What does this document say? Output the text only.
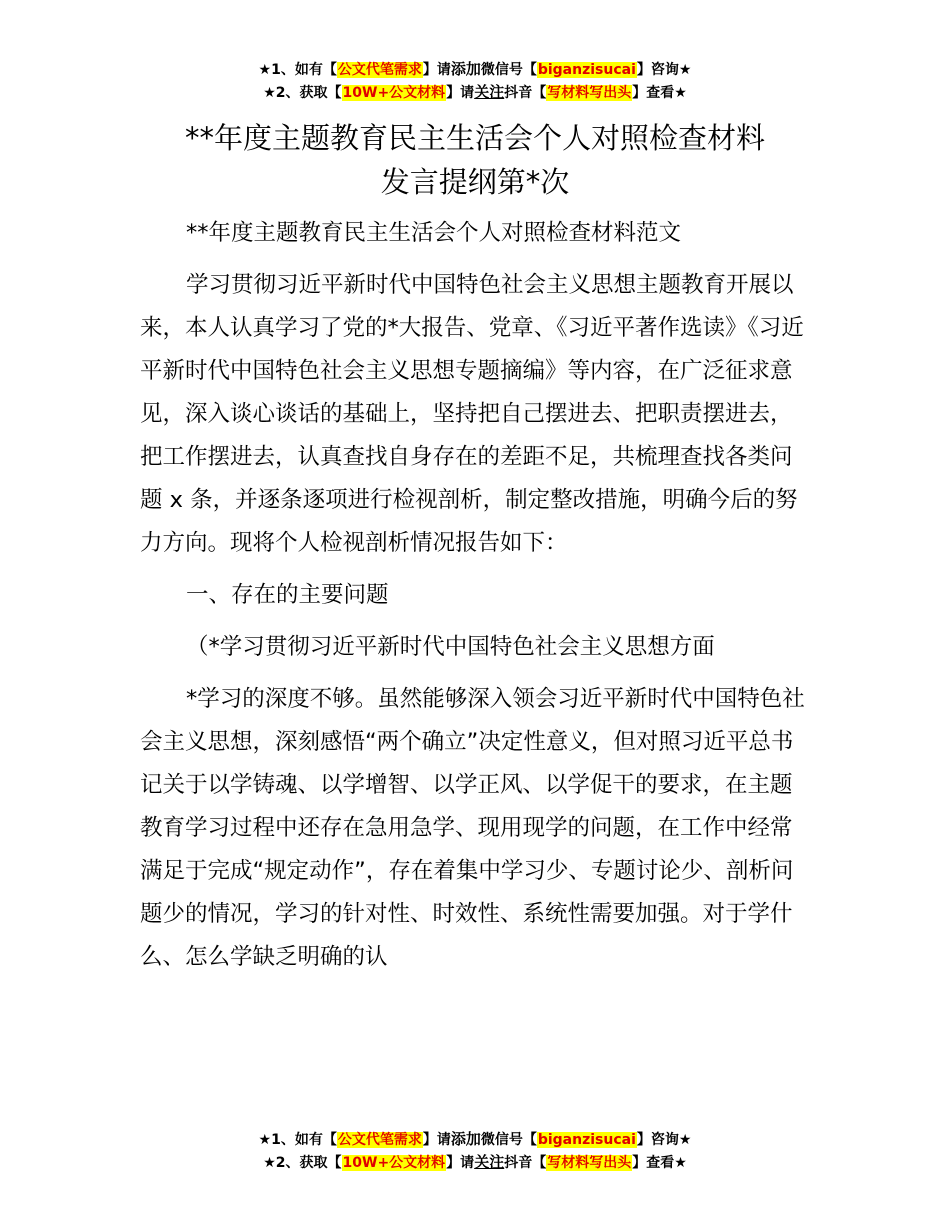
★1、如有【公文代笔需求】请添加微信号【biganzisucai】咨询★
★2、获取【10W+公文材料】请关注抖音【写材料写出头】查看★
**年度主题教育民主生活会个人对照检查材料
发言提纲第*次

**年度主题教育民主生活会个人对照检查材料范文

学习贯彻习近平新时代中国特色社会主义思想主题教育开展以来，本人认真学习了党的*大报告、党章、《习近平著作选读》《习近平新时代中国特色社会主义思想专题摘编》等内容，在广泛征求意见，深入谈心谈话的基础上，坚持把自己摆进去、把职责摆进去，把工作摆进去，认真查找自身存在的差距不足，共梳理查找各类问题 x 条，并逐条逐项进行检视剖析，制定整改措施，明确今后的努力方向。现将个人检视剖析情况报告如下：

一、存在的主要问题

（*学习贯彻习近平新时代中国特色社会主义思想方面

*学习的深度不够。虽然能够深入领会习近平新时代中国特色社会主义思想，深刻感悟“两个确立”决定性意义，但对照习近平总书记关于以学铸魂、以学增智、以学正风、以学促干的要求，在主题教育学习过程中还存在急用急学、现用现学的问题，在工作中经常满足于完成“规定动作”，存在着集中学习少、专题讨论少、剖析问题少的情况，学习的针对性、时效性、系统性需要加强。对于学什么、怎么学缺乏明确的认

★1、如有【公文代笔需求】请添加微信号【biganzisucai】咨询★
★2、获取【10W+公文材料】请关注抖音【写材料写出头】查看★
